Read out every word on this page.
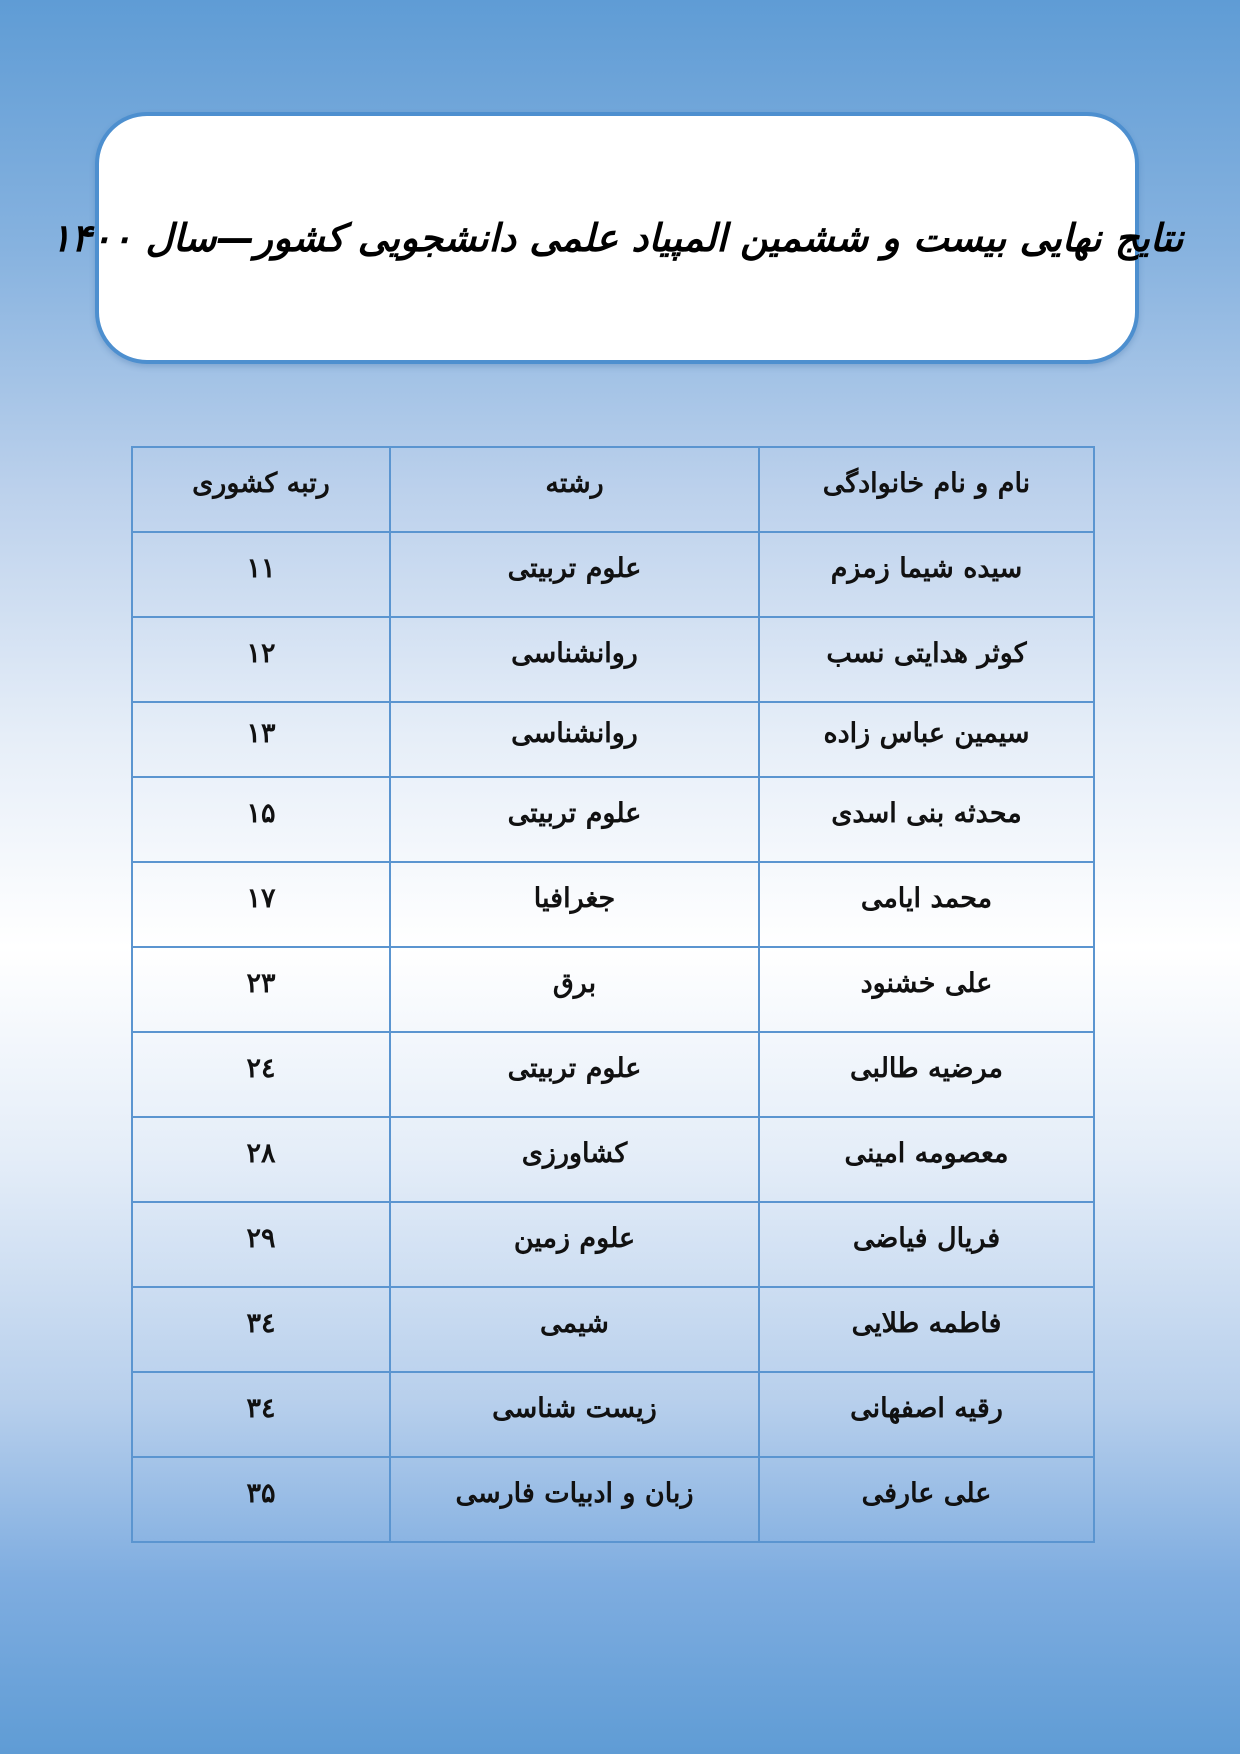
نتایج نهایی بیست و ششمین المپیاد علمی دانشجویی کشور—سال ۱۴۰۰
نام و نام خانوادگی	رشته	رتبه کشوری
سیده شیما زمزم	علوم تربیتی	۱۱
کوثر هدایتی نسب	روانشناسی	۱۲
سیمین عباس زاده	روانشناسی	۱۳
محدثه بنی اسدی	علوم تربیتی	۱۵
محمد ایامی	جغرافیا	۱۷
علی خشنود	برق	۲۳
مرضیه طالبی	علوم تربیتی	۲٤
معصومه امینی	کشاورزی	۲۸
فریال فیاضی	علوم زمین	۲۹
فاطمه طلایی	شیمی	۳٤
رقیه اصفهانی	زیست شناسی	۳٤
علی عارفی	زبان و ادبیات فارسی	۳۵
